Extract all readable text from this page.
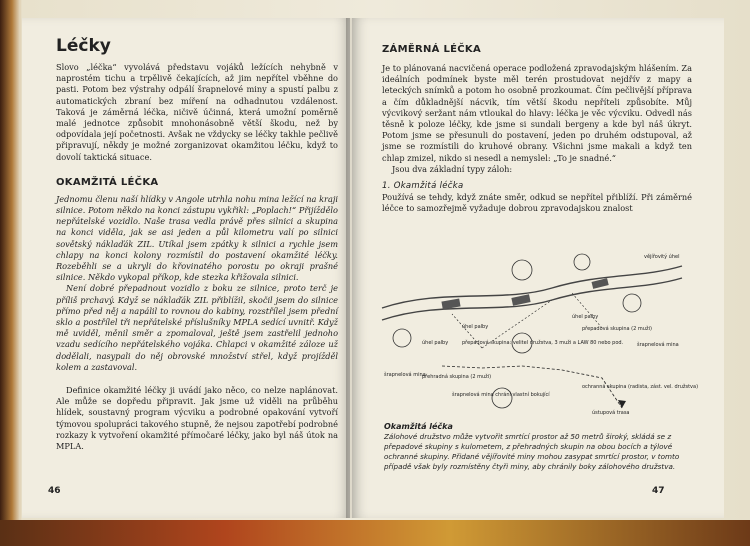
Léčky

Slovo „léčka“ vyvolává představu vojáků ležících nehybně v naprostém tichu a trpělivě čekajících, až jim nepřítel vběhne do pasti. Potom bez výstrahy odpálí šrapnelové miny a spustí palbu z automatických zbraní bez míření na odhadnutou vzdálenost. Taková je záměrná léčka, ničivě účinná, která umožní poměrně malé jednotce způsobit mnohonásobně větší škodu, než by odpovídala její početnosti. Avšak ne vždycky se léčky takhle pečlivě připravují, někdy je možné zorganizovat okamžitou léčku, když to dovolí taktická situace.

OKAMŽITÁ LÉČKA

Jednomu členu naší hlídky v Angole utrhla nohu mina ležící na kraji silnice. Potom někdo na konci zástupu vykřikl: „Poplach!“ Přijíždělo nepřátelské vozidlo. Naše trasa vedla právě přes silnici a skupina na konci viděla, jak se asi jeden a půl kilometru valí po silnici sovětský náklaďák ZIL. Utíkal jsem zpátky k silnici a rychle jsem chlapy na konci kolony rozmístil do postavení okamžité léčky. Rozeběhli se a ukryli do křovinatého porostu po okraji prašné silnice. Někdo vykopal příkop, kde stezka křižovala silnici.

Není dobré přepadnout vozidlo z boku ze silnice, proto terč je příliš prchavý. Když se náklaďák ZIL přiblížil, skočil jsem do silnice přímo před něj a napálil to rovnou do kabiny, rozstřílel jsem přední sklo a postřílel tři nepřátelské příslušníky MPLA sedící uvnitř. Když mě uviděl, měnil směr a zpomaloval, ještě jsem zastřelil jednoho vzadu sedícího nepřátelského vojáka. Chlapci v okamžité záloze už dodělali, nasypali do něj obrovské množství střel, když projížděl kolem a zastavoval.

Definice okamžité léčky ji uvádí jako něco, co nelze naplánovat. Ale může se dopředu připravit. Jak jsme už viděli na průběhu hlídek, soustavný program výcviku a podrobné opakování vytvoří týmovou spolupráci takového stupně, že nejsou zapotřebí podrobné rozkazy k vytvoření okamžité přímočaré léčky, jako byl náš útok na MPLA.

46
ZÁMĚRNÁ LÉČKA

Je to plánovaná nacvičená operace podložená zpravodajským hlášením. Za ideálních podmínek byste měl terén prostudovat nejdřív z mapy a leteckých snímků a potom ho osobně prozkoumat. Čím pečlivější příprava a čím důkladnější nácvik, tím větší škodu nepříteli způsobíte. Můj výcvikový seržant nám vtloukal do hlavy: léčka je věc výcviku. Odvedl nás těsně k poloze léčky, kde jsme si sundali bergeny a kde byl náš úkryt. Potom jsme se přesunuli do postavení, jeden po druhém odstupoval, až jsme se rozmístili do kruhové obrany. Všichni jsme makali a když ten chlap zmizel, nikdo si nesedl a nemyslel: „To je snadné.“

Jsou dva základní typy záloh:

1. Okamžitá léčka

Používá se tehdy, když znáte směr, odkud se nepřítel přiblíží. Při záměrné léčce to samozřejmě vyžaduje dobrou zpravodajskou znalost

vějířovitý úhel
úhel palby
úhel palby	přepadová skupina (2 muži)
úhel palby	přepadová skupina: velitel družstva, 3 muži a LAW 80 nebo pod.
šrapnelová mina
šrapnelová mina
přehradná skupina (2 muži)
šrapnelová mina chrání vlastní bokující
ochranná skupina (radista, zást. vel. družstva)
ústupová trasa

Okamžitá léčka

Zálohové družstvo může vytvořit smrtící prostor až 50 metrů široký, skládá se z přepadové skupiny s kulometem, z přehradných skupin na obou bocích a týlové ochranné skupiny. Přidané vějířovité miny mohou zasypat smrtící prostor, v tomto případě však byly rozmístěny čtyři miny, aby chránily boky zálohového družstva.

47
